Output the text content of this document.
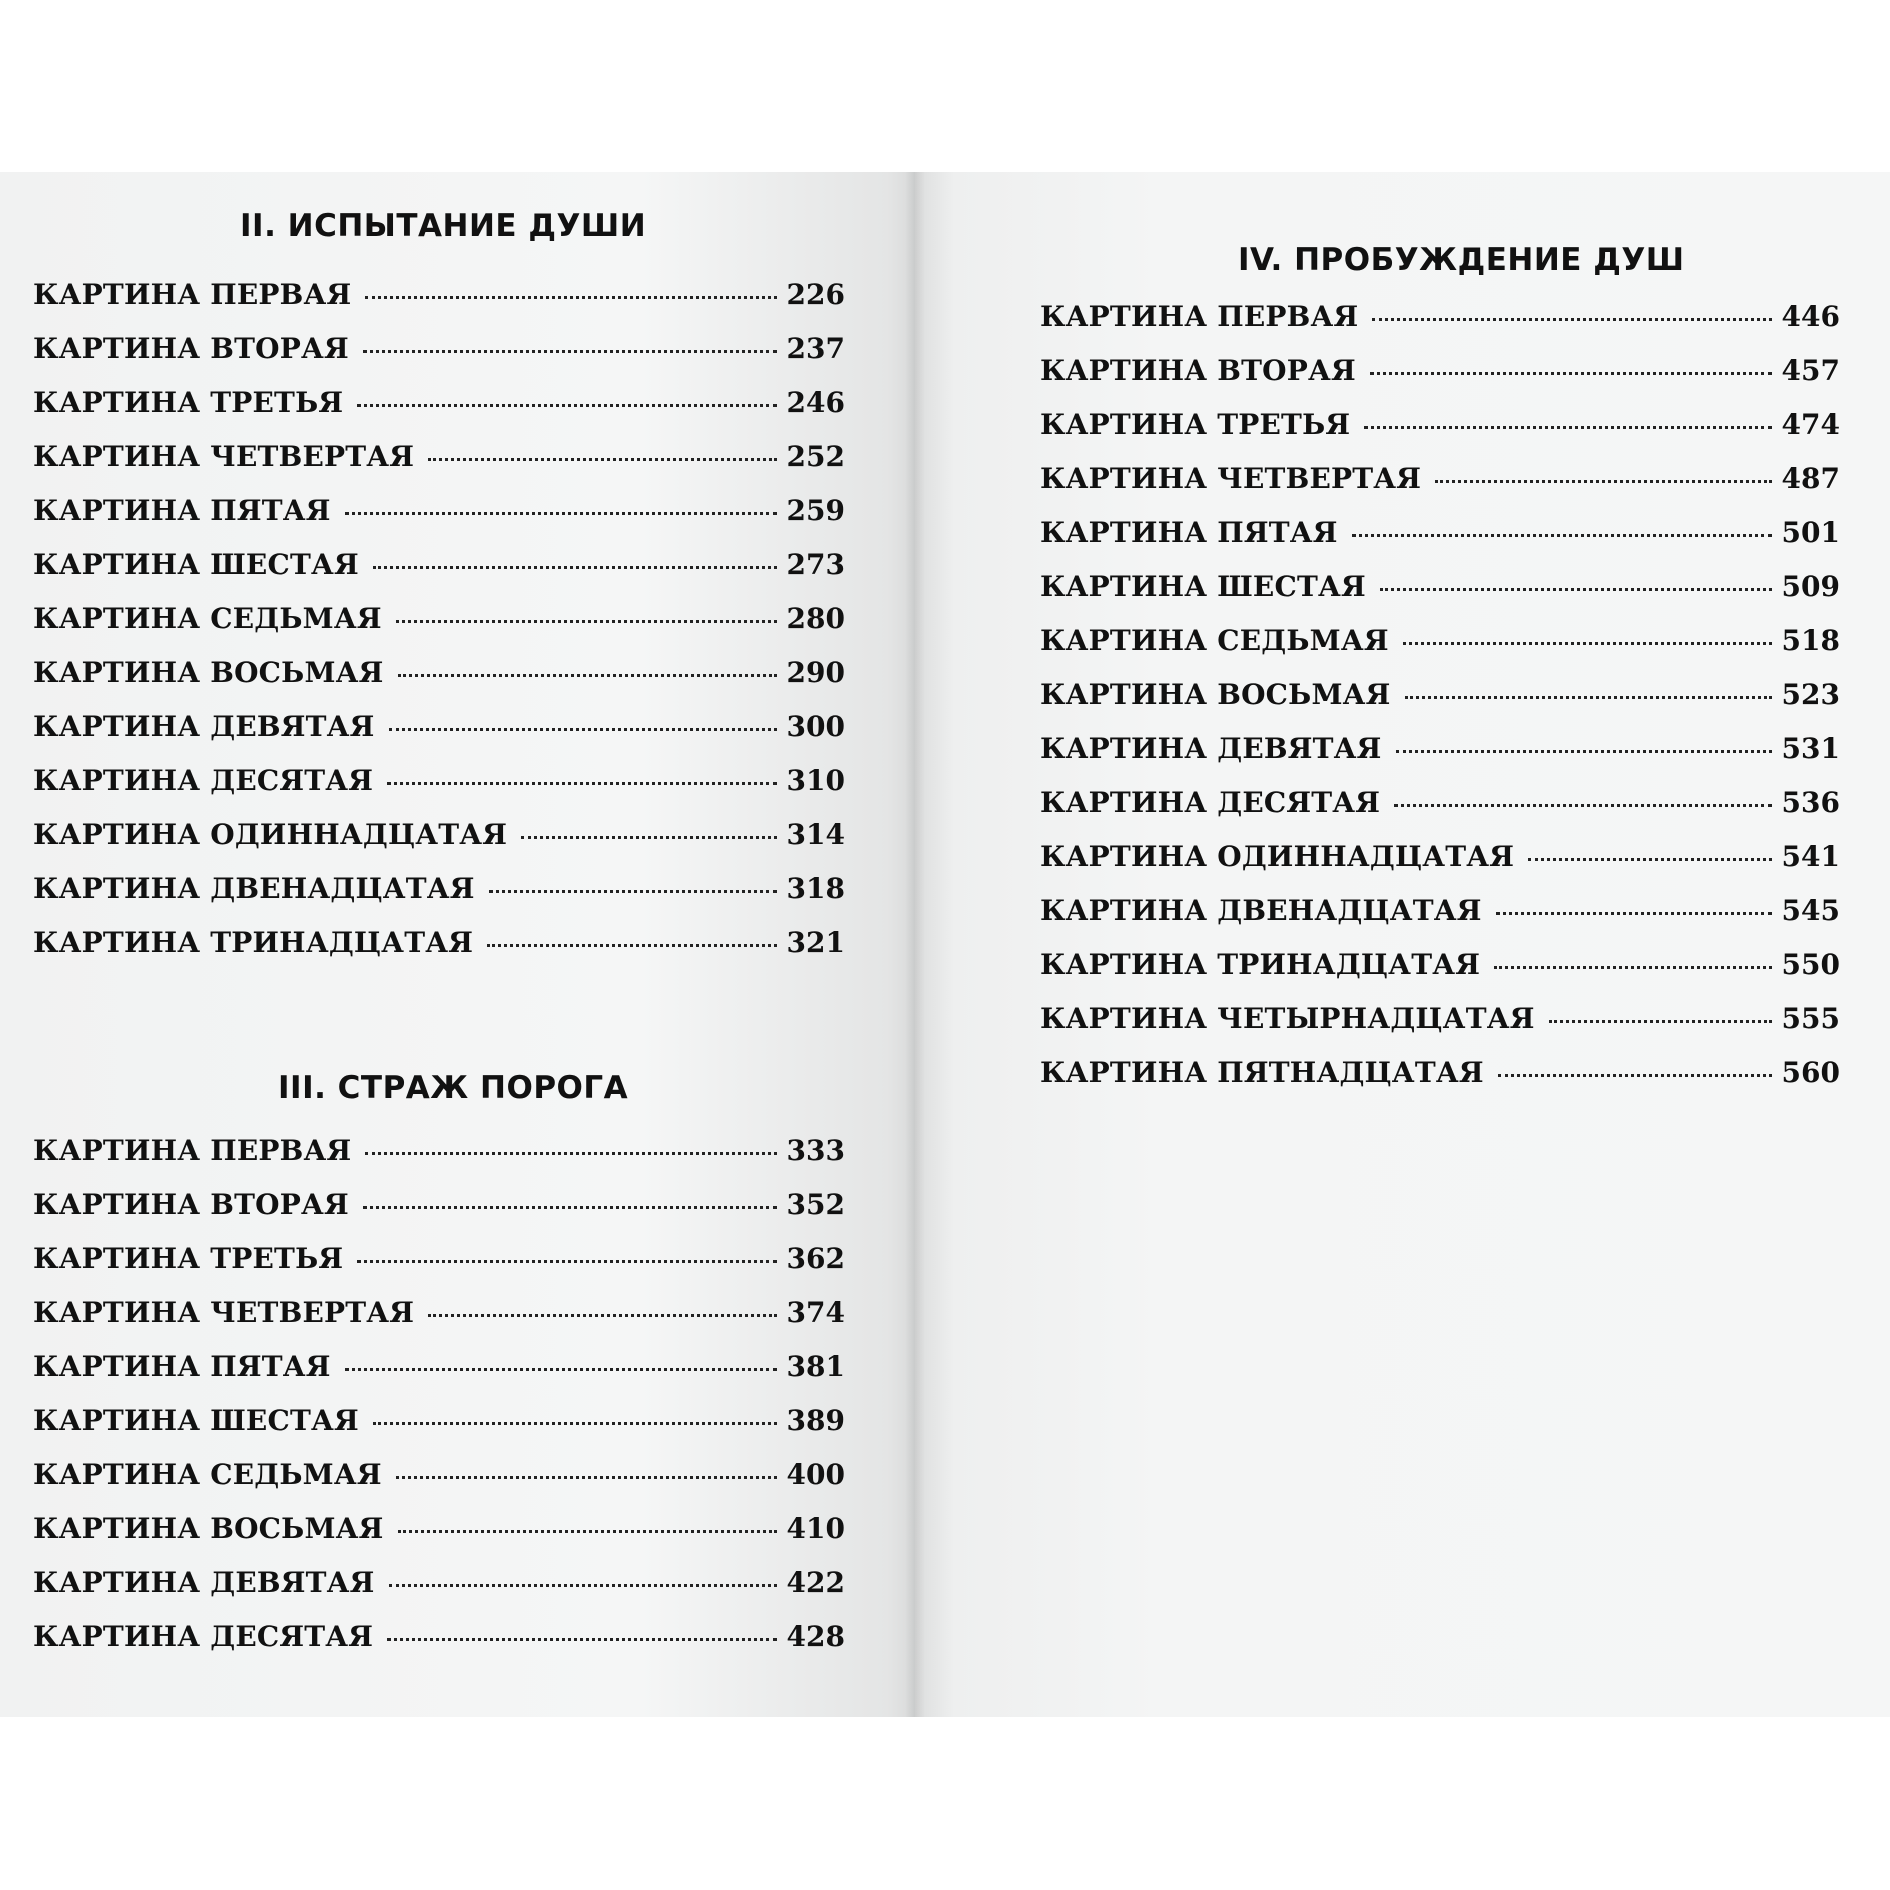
II. ИСПЫТАНИЕ ДУШИ
КАРТИНА ПЕРВАЯ	226
КАРТИНА ВТОРАЯ	237
КАРТИНА ТРЕТЬЯ	246
КАРТИНА ЧЕТВЕРТАЯ	252
КАРТИНА ПЯТАЯ	259
КАРТИНА ШЕСТАЯ	273
КАРТИНА СЕДЬМАЯ	280
КАРТИНА ВОСЬМАЯ	290
КАРТИНА ДЕВЯТАЯ	300
КАРТИНА ДЕСЯТАЯ	310
КАРТИНА ОДИННАДЦАТАЯ	314
КАРТИНА ДВЕНАДЦАТАЯ	318
КАРТИНА ТРИНАДЦАТАЯ	321
III. СТРАЖ ПОРОГА
КАРТИНА ПЕРВАЯ	333
КАРТИНА ВТОРАЯ	352
КАРТИНА ТРЕТЬЯ	362
КАРТИНА ЧЕТВЕРТАЯ	374
КАРТИНА ПЯТАЯ	381
КАРТИНА ШЕСТАЯ	389
КАРТИНА СЕДЬМАЯ	400
КАРТИНА ВОСЬМАЯ	410
КАРТИНА ДЕВЯТАЯ	422
КАРТИНА ДЕСЯТАЯ	428
IV. ПРОБУЖДЕНИЕ ДУШ
КАРТИНА ПЕРВАЯ	446
КАРТИНА ВТОРАЯ	457
КАРТИНА ТРЕТЬЯ	474
КАРТИНА ЧЕТВЕРТАЯ	487
КАРТИНА ПЯТАЯ	501
КАРТИНА ШЕСТАЯ	509
КАРТИНА СЕДЬМАЯ	518
КАРТИНА ВОСЬМАЯ	523
КАРТИНА ДЕВЯТАЯ	531
КАРТИНА ДЕСЯТАЯ	536
КАРТИНА ОДИННАДЦАТАЯ	541
КАРТИНА ДВЕНАДЦАТАЯ	545
КАРТИНА ТРИНАДЦАТАЯ	550
КАРТИНА ЧЕТЫРНАДЦАТАЯ	555
КАРТИНА ПЯТНАДЦАТАЯ	560
